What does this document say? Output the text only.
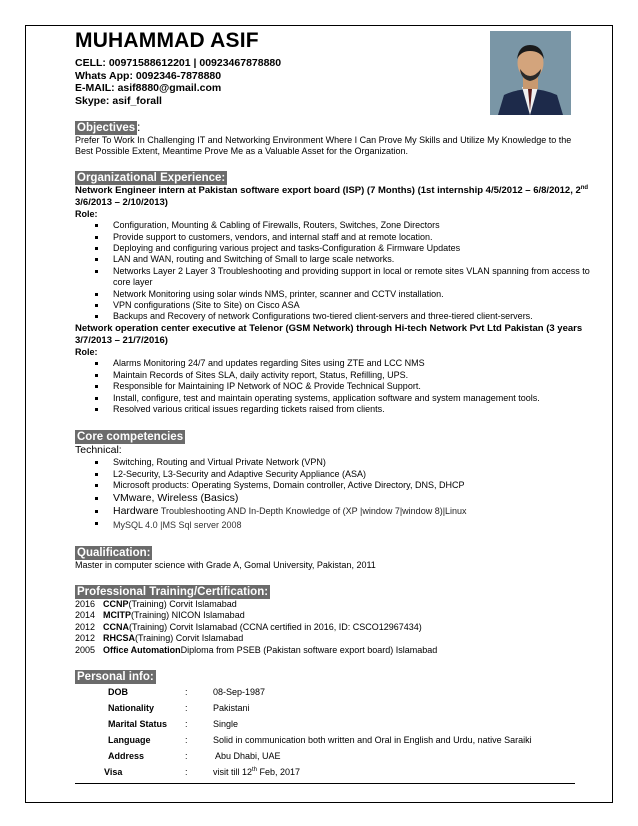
MUHAMMAD ASIF
CELL: 00971588612201 | 00923467878880
Whats App: 0092346-7878880
E-MAIL: asif8880@gmail.com
Skype: asif_forall
Objectives :
Prefer To Work In Challenging IT and Networking Environment Where I Can Prove My Skills and Utilize My Knowledge to the Best Possible Extent, Meantime Prove Me as a Valuable Asset for the Organization.
Organizational Experience:
Network Engineer intern at Pakistan software export board (ISP) (7 Months) (1st internship 4/5/2012 – 6/8/2012, 2nd 3/6/2013 – 2/10/2013)
Role:
Configuration, Mounting & Cabling of Firewalls, Routers, Switches, Zone Directors
Provide support to customers, vendors, and internal staff and at remote location.
Deploying and configuring various project and tasks-Configuration & Firmware Updates
LAN and WAN, routing and Switching of Small to large scale networks.
Networks Layer 2 Layer 3 Troubleshooting and providing support in local or remote sites VLAN spanning from access to core layer
Network Monitoring using solar winds NMS, printer, scanner and CCTV installation.
VPN configurations (Site to Site) on Cisco ASA
Backups and Recovery of network Configurations two-tiered client-servers and three-tiered client-servers.
Network operation center executive at Telenor (GSM Network) through Hi-tech Network Pvt Ltd Pakistan (3 years 3/7/2013 – 21/7/2016)
Role:
Alarms Monitoring 24/7 and updates regarding Sites using ZTE and LCC NMS
Maintain Records of Sites SLA, daily activity report, Status, Refilling, UPS.
Responsible for Maintaining IP Network of NOC & Provide Technical Support.
Install, configure, test and maintain operating systems, application software and system management tools.
Resolved various critical issues regarding tickets raised from clients.
Core competencies
Technical:
Switching, Routing and Virtual Private Network (VPN)
L2-Security, L3-Security and Adaptive Security Appliance (ASA)
Microsoft products: Operating Systems, Domain controller, Active Directory, DNS, DHCP
VMware, Wireless (Basics)
Hardware Troubleshooting AND In-Depth Knowledge of (XP |window 7|window 8)|Linux
MySQL 4.0 |MS Sql server 2008
Qualification:
Master in computer science with Grade A, Gomal University, Pakistan, 2011
Professional Training/Certification:
2016 CCNP (Training) Corvit Islamabad
2014 MCITP (Training) NICON Islamabad
2012 CCNA (Training) Corvit Islamabad (CCNA certified in 2016, ID: CSCO12967434)
2012 RHCSA (Training) Corvit Islamabad
2005 Office Automation Diploma from PSEB (Pakistan software export board) Islamabad
Personal info:
DOB	:	08-Sep-1987
Nationality	:	Pakistani
Marital Status	:	Single
Language	:	Solid in communication both written and Oral in English and Urdu, native Saraiki
Address	:	Abu Dhabi, UAE
Visa	:	visit till 12th Feb, 2017
